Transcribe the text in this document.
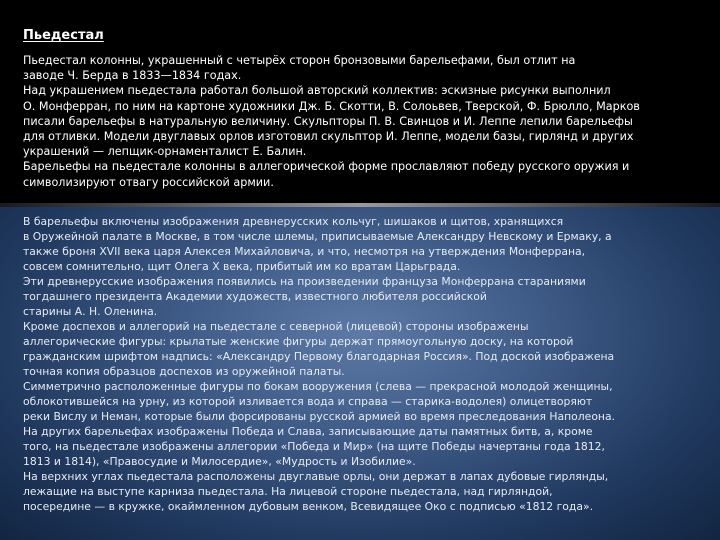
Пьедестал
Пьедестал колонны, украшенный с четырёх сторон бронзовыми барельефами, был отлит на
заводе Ч. Берда в 1833—1834 годах.
Над украшением пьедестала работал большой авторский коллектив: эскизные рисунки выполнил
О. Монферран, по ним на картоне художники Дж. Б. Скотти, В. Солоьвев, Тверской, Ф. Брюлло, Марков
писали барельефы в натуральную величину. Скульпторы П. В. Свинцов и И. Леппе лепили барельефы
для отливки. Модели двуглавых орлов изготовил скульптор И. Леппе, модели базы, гирлянд и других
украшений — лепщик-орнаменталист Е. Балин.
Барельефы на пьедестале колонны в аллегорической форме прославляют победу русского оружия и
символизируют отвагу российской армии.
В барельефы включены изображения древнерусских кольчуг, шишаков и щитов, хранящихся
в Оружейной палате в Москве, в том числе шлемы, приписываемые Александру Невскому и Ермаку, а
также броня XVII века царя Алексея Михайловича, и что, несмотря на утверждения Монферрана,
совсем сомнительно, щит Олега X века, прибитый им ко вратам Царьграда.
Эти древнерусские изображения появились на произведении француза Монферрана стараниями
тогдашнего президента Академии художеств, известного любителя российской
старины А. Н. Оленина.
Кроме доспехов и аллегорий на пьедестале с северной (лицевой) стороны изображены
аллегорические фигуры: крылатые женские фигуры держат прямоугольную доску, на которой
гражданским шрифтом надпись: «Александру Первому благодарная Россия». Под доской изображена
точная копия образцов доспехов из оружейной палаты.
Симметрично расположенные фигуры по бокам вооружения (слева — прекрасной молодой женщины,
облокотившейся на урну, из которой изливается вода и справа — старика-водолея) олицетворяют
реки Вислу и Неман, которые были форсированы русской армией во время преследования Наполеона.
На других барельефах изображены Победа и Слава, записывающие даты памятных битв, а, кроме
того, на пьедестале изображены аллегории «Победа и Мир» (на щите Победы начертаны года 1812,
1813 и 1814), «Правосудие и Милосердие», «Мудрость и Изобилие».
На верхних углах пьедестала расположены двуглавые орлы, они держат в лапах дубовые гирлянды,
лежащие на выступе карниза пьедестала. На лицевой стороне пьедестала, над гирляндой,
посередине — в кружке, окаймленном дубовым венком, Всевидящее Око с подписью «1812 года».
